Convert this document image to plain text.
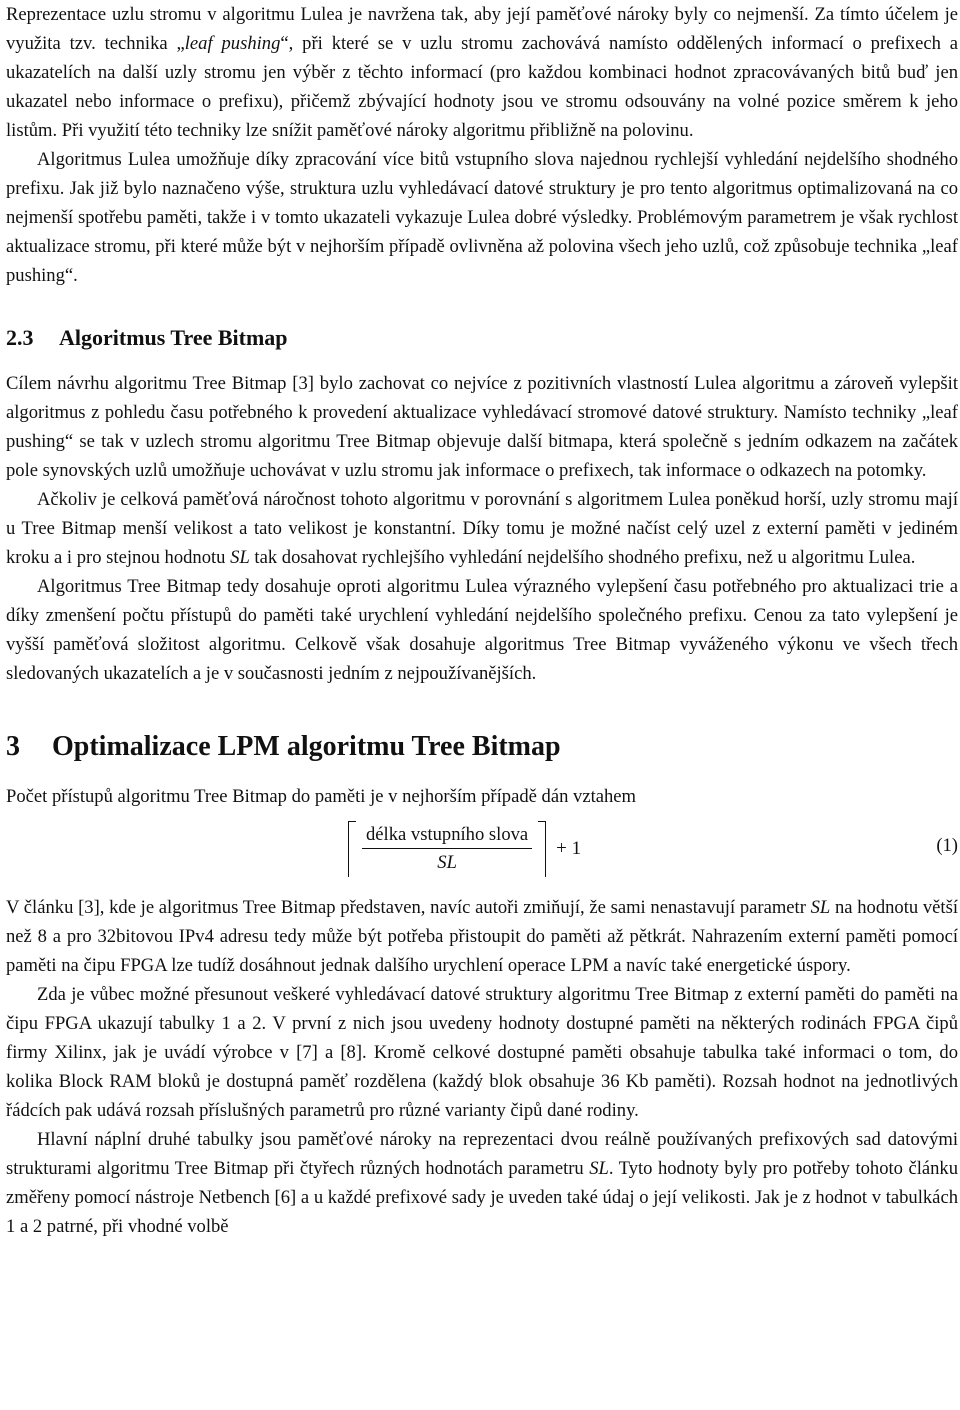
Reprezentace uzlu stromu v algoritmu Lulea je navržena tak, aby její paměťové nároky byly co nejmenší. Za tímto účelem je využita tzv. technika „leaf pushing“, při které se v uzlu stromu zachovává namísto oddělených informací o prefixech a ukazatelích na další uzly stromu jen výběr z těchto informací (pro každou kombinaci hodnot zpracovávaných bitů buď jen ukazatel nebo informace o prefixu), přičemž zbývající hodnoty jsou ve stromu odsouvány na volné pozice směrem k jeho listům. Při využití této techniky lze snížit paměťové nároky algoritmu přibližně na polovinu.

Algoritmus Lulea umožňuje díky zpracování více bitů vstupního slova najednou rychlejší vyhledání nejdelšího shodného prefixu. Jak již bylo naznačeno výše, struktura uzlu vyhledávací datové struktury je pro tento algoritmus optimalizovaná na co nejmenší spotřebu paměti, takže i v tomto ukazateli vykazuje Lulea dobré výsledky. Problémovým parametrem je však rychlost aktualizace stromu, při které může být v nejhorším případě ovlivněna až polovina všech jeho uzlů, což způsobuje technika „leaf pushing“.

2.3 Algoritmus Tree Bitmap

Cílem návrhu algoritmu Tree Bitmap [3] bylo zachovat co nejvíce z pozitivních vlastností Lulea algoritmu a zároveň vylepšit algoritmus z pohledu času potřebného k provedení aktualizace vyhledávací stromové datové struktury. Namísto techniky „leaf pushing“ se tak v uzlech stromu algoritmu Tree Bitmap objevuje další bitmapa, která společně s jedním odkazem na začátek pole synovských uzlů umožňuje uchovávat v uzlu stromu jak informace o prefixech, tak informace o odkazech na potomky.

Ačkoliv je celková paměťová náročnost tohoto algoritmu v porovnání s algoritmem Lulea poněkud horší, uzly stromu mají u Tree Bitmap menší velikost a tato velikost je konstantní. Díky tomu je možné načíst celý uzel z externí paměti v jediném kroku a i pro stejnou hodnotu SL tak dosahovat rychlejšího vyhledání nejdelšího shodného prefixu, než u algoritmu Lulea.

Algoritmus Tree Bitmap tedy dosahuje oproti algoritmu Lulea výrazného vylepšení času potřebného pro aktualizaci trie a díky zmenšení počtu přístupů do paměti také urychlení vyhledání nejdelšího společného prefixu. Cenou za tato vylepšení je vyšší paměťová složitost algoritmu. Celkově však dosahuje algoritmus Tree Bitmap vyváženého výkonu ve všech třech sledovaných ukazatelích a je v současnosti jedním z nejpoužívanějších.

3 Optimalizace LPM algoritmu Tree Bitmap

Počet přístupů algoritmu Tree Bitmap do paměti je v nejhorším případě dán vztahem

$\frac{\text{délka vstupního slova}}{SL} + 1$	(1)

V článku [3], kde je algoritmus Tree Bitmap představen, navíc autoři zmiňují, že sami nenastavují parametr SL na hodnotu větší než 8 a pro 32bitovou IPv4 adresu tedy může být potřeba přistoupit do paměti až pětkrát. Nahrazením externí paměti pomocí paměti na čipu FPGA lze tudíž dosáhnout jednak dalšího urychlení operace LPM a navíc také energetické úspory.

Zda je vůbec možné přesunout veškeré vyhledávací datové struktury algoritmu Tree Bitmap z externí paměti do paměti na čipu FPGA ukazují tabulky 1 a 2. V první z nich jsou uvedeny hodnoty dostupné paměti na některých rodinách FPGA čipů firmy Xilinx, jak je uvádí výrobce v [7] a [8]. Kromě celkové dostupné paměti obsahuje tabulka také informaci o tom, do kolika Block RAM bloků je dostupná paměť rozdělena (každý blok obsahuje 36 Kb paměti). Rozsah hodnot na jednotlivých řádcích pak udává rozsah příslušných parametrů pro různé varianty čipů dané rodiny.

Hlavní náplní druhé tabulky jsou paměťové nároky na reprezentaci dvou reálně používaných prefixových sad datovými strukturami algoritmu Tree Bitmap při čtyřech různých hodnotách parametru SL. Tyto hodnoty byly pro potřeby tohoto článku změřeny pomocí nástroje Netbench [6] a u každé prefixové sady je uveden také údaj o její velikosti. Jak je z hodnot v tabulkách 1 a 2 patrné, při vhodné volbě
